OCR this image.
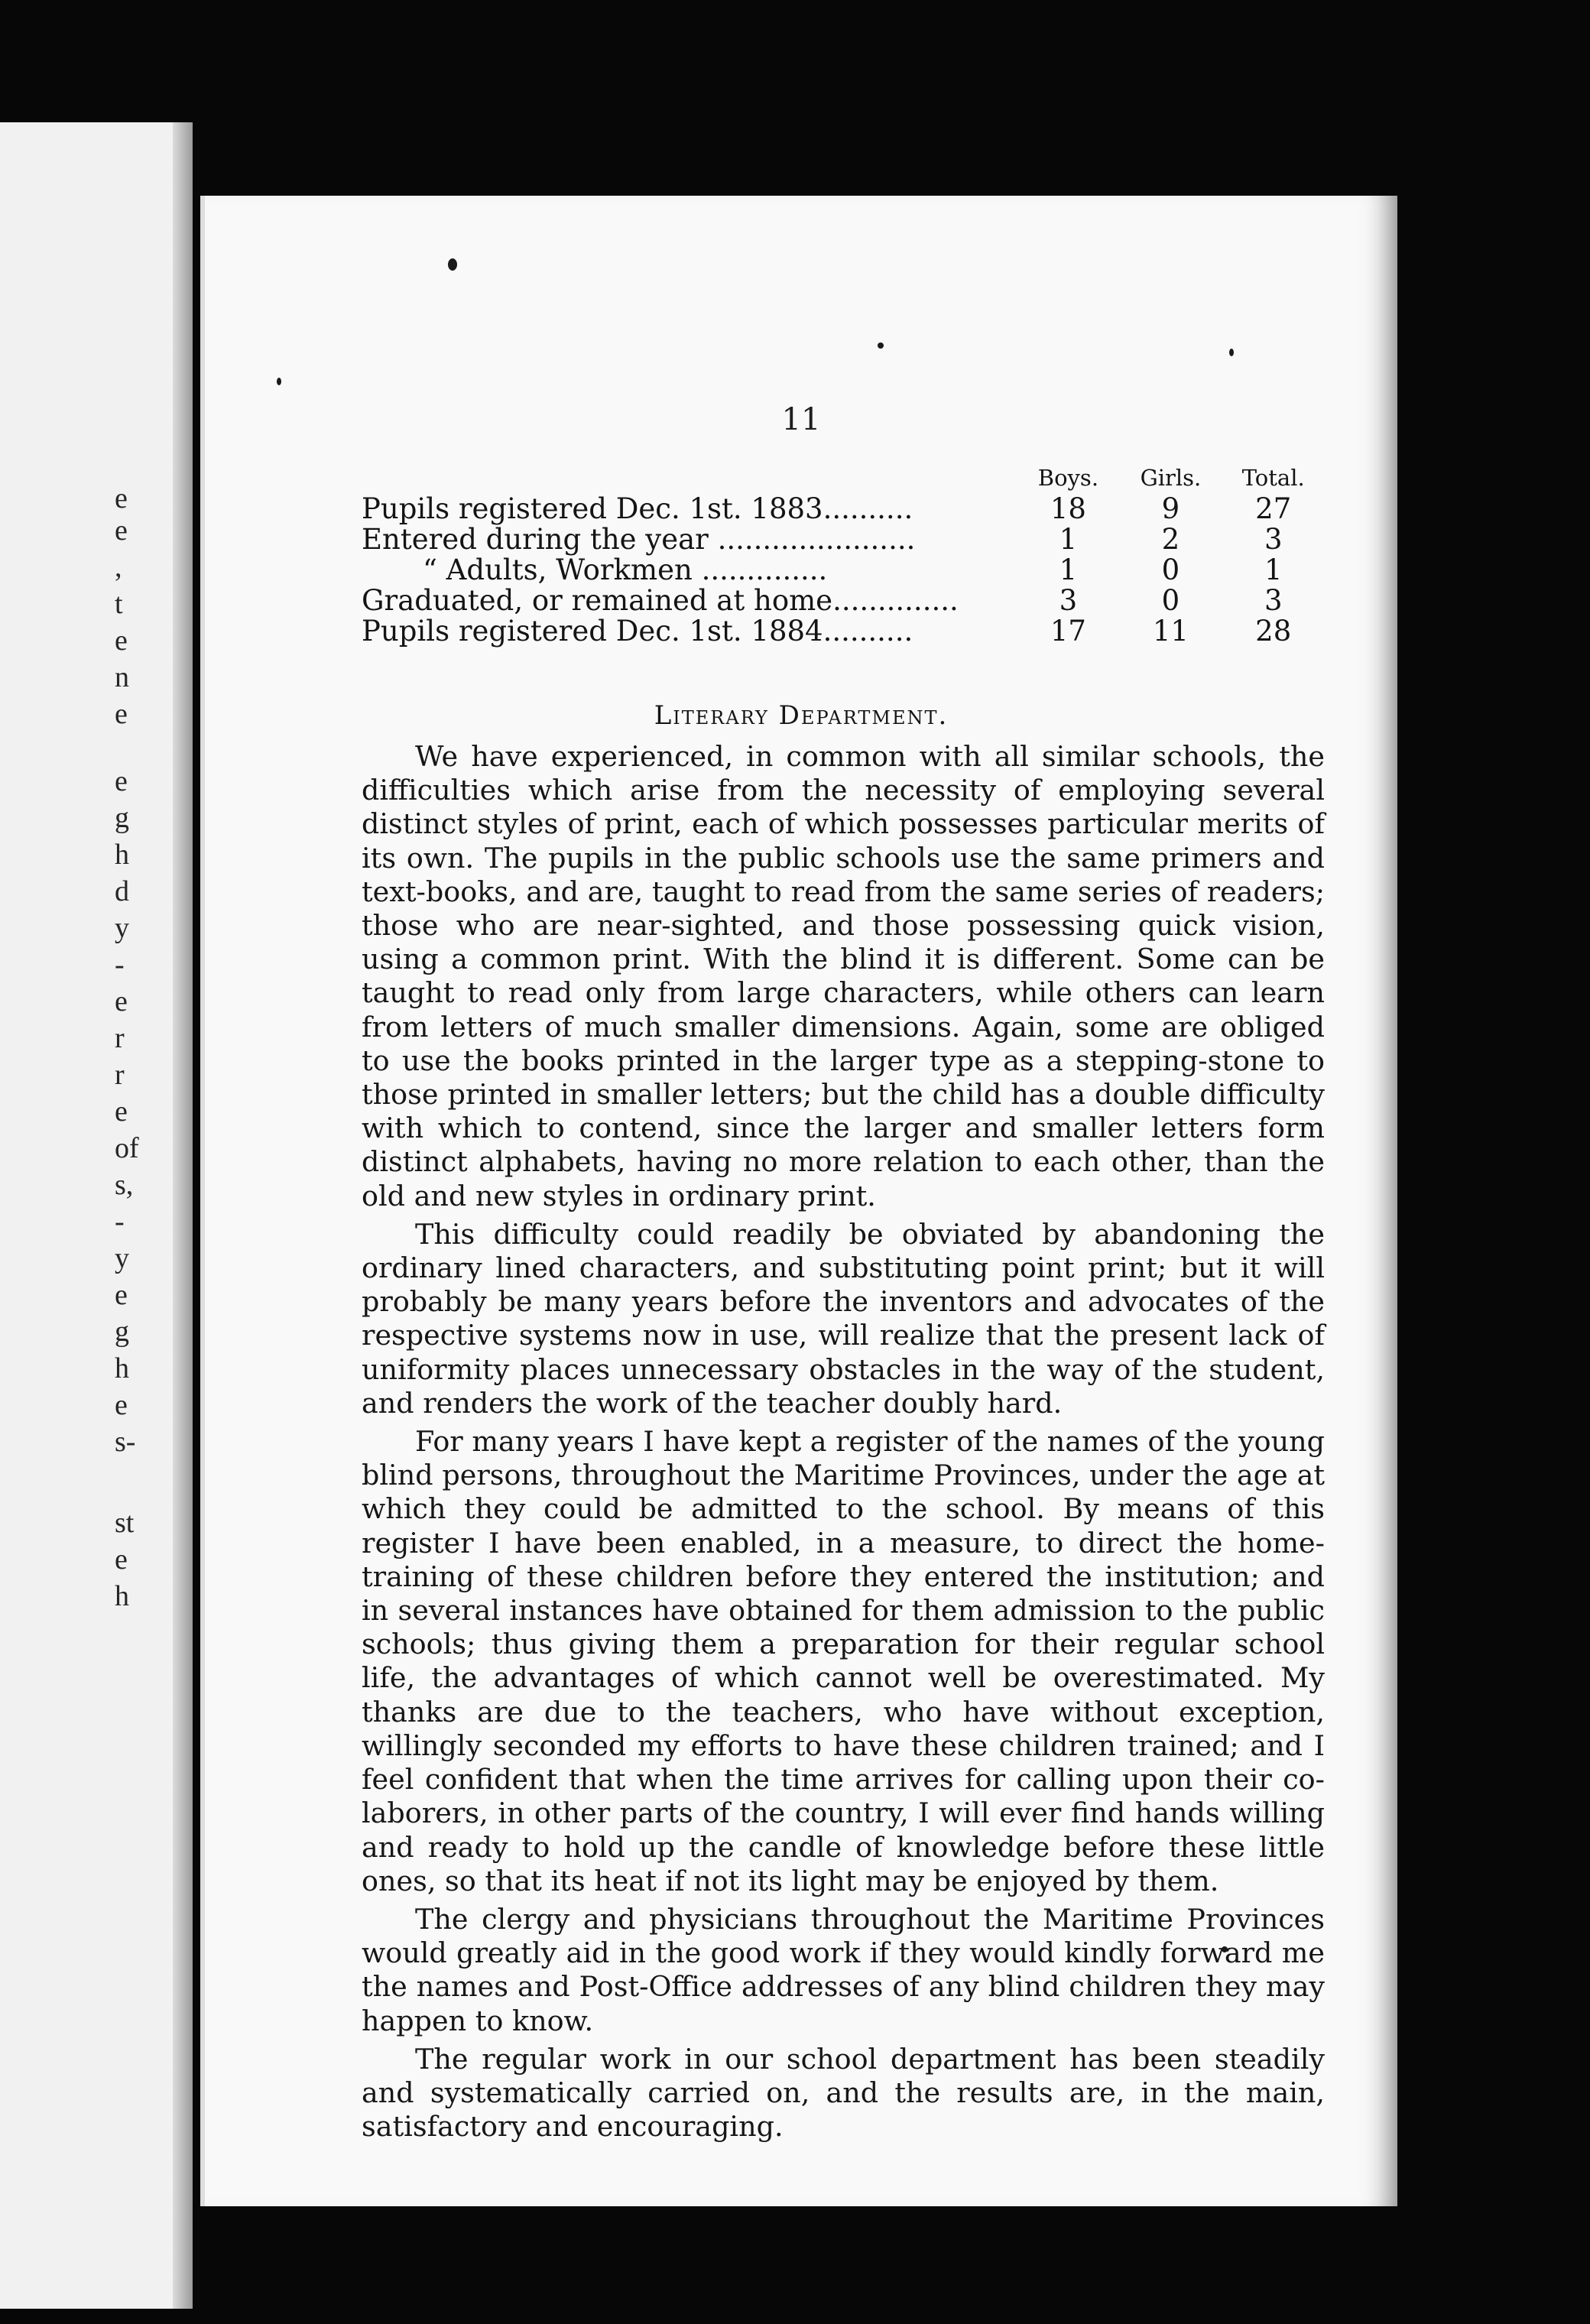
e
e
,
t
e
n
e
e
g
h
d
y
-
e
r
r
e
of
s,
-
y
e
g
h
e
s-
st
e
h
11
	Boys.	Girls.	Total.
Pupils registered Dec. 1st. 1883..........	18	9	27
Entered during the year ......................	1	2	3
“ Adults, Workmen ..............	1	0	1
Graduated, or remained at home..............	3	0	3
Pupils registered Dec. 1st. 1884..........	17	11	28
Literary Department.

We have experienced, in common with all similar schools, the difficulties which arise from the necessity of employing several distinct styles of print, each of which possesses particular merits of its own. The pupils in the public schools use the same primers and text-books, and are, taught to read from the same series of readers; those who are near-sighted, and those possessing quick vision, using a common print. With the blind it is different. Some can be taught to read only from large characters, while others can learn from letters of much smaller dimensions. Again, some are obliged to use the books printed in the larger type as a stepping-stone to those printed in smaller letters; but the child has a double difficulty with which to contend, since the larger and smaller letters form distinct alphabets, having no more relation to each other, than the old and new styles in ordinary print.

This difficulty could readily be obviated by abandoning the ordinary lined characters, and substituting point print; but it will probably be many years before the inventors and advocates of the respective systems now in use, will realize that the present lack of uniformity places unnecessary obstacles in the way of the student, and renders the work of the teacher doubly hard.

For many years I have kept a register of the names of the young blind persons, throughout the Maritime Provinces, under the age at which they could be admitted to the school. By means of this register I have been enabled, in a measure, to direct the home-training of these children before they entered the institution; and in several instances have obtained for them admission to the public schools; thus giving them a preparation for their regular school life, the advantages of which cannot well be overestimated. My thanks are due to the teachers, who have without exception, willingly seconded my efforts to have these children trained; and I feel confident that when the time arrives for calling upon their co-laborers, in other parts of the country, I will ever find hands willing and ready to hold up the candle of knowledge before these little ones, so that its heat if not its light may be enjoyed by them.

The clergy and physicians throughout the Maritime Provinces would greatly aid in the good work if they would kindly forward me the names and Post-Office addresses of any blind children they may happen to know.

The regular work in our school department has been steadily and systematically carried on, and the results are, in the main, satisfactory and encouraging.
